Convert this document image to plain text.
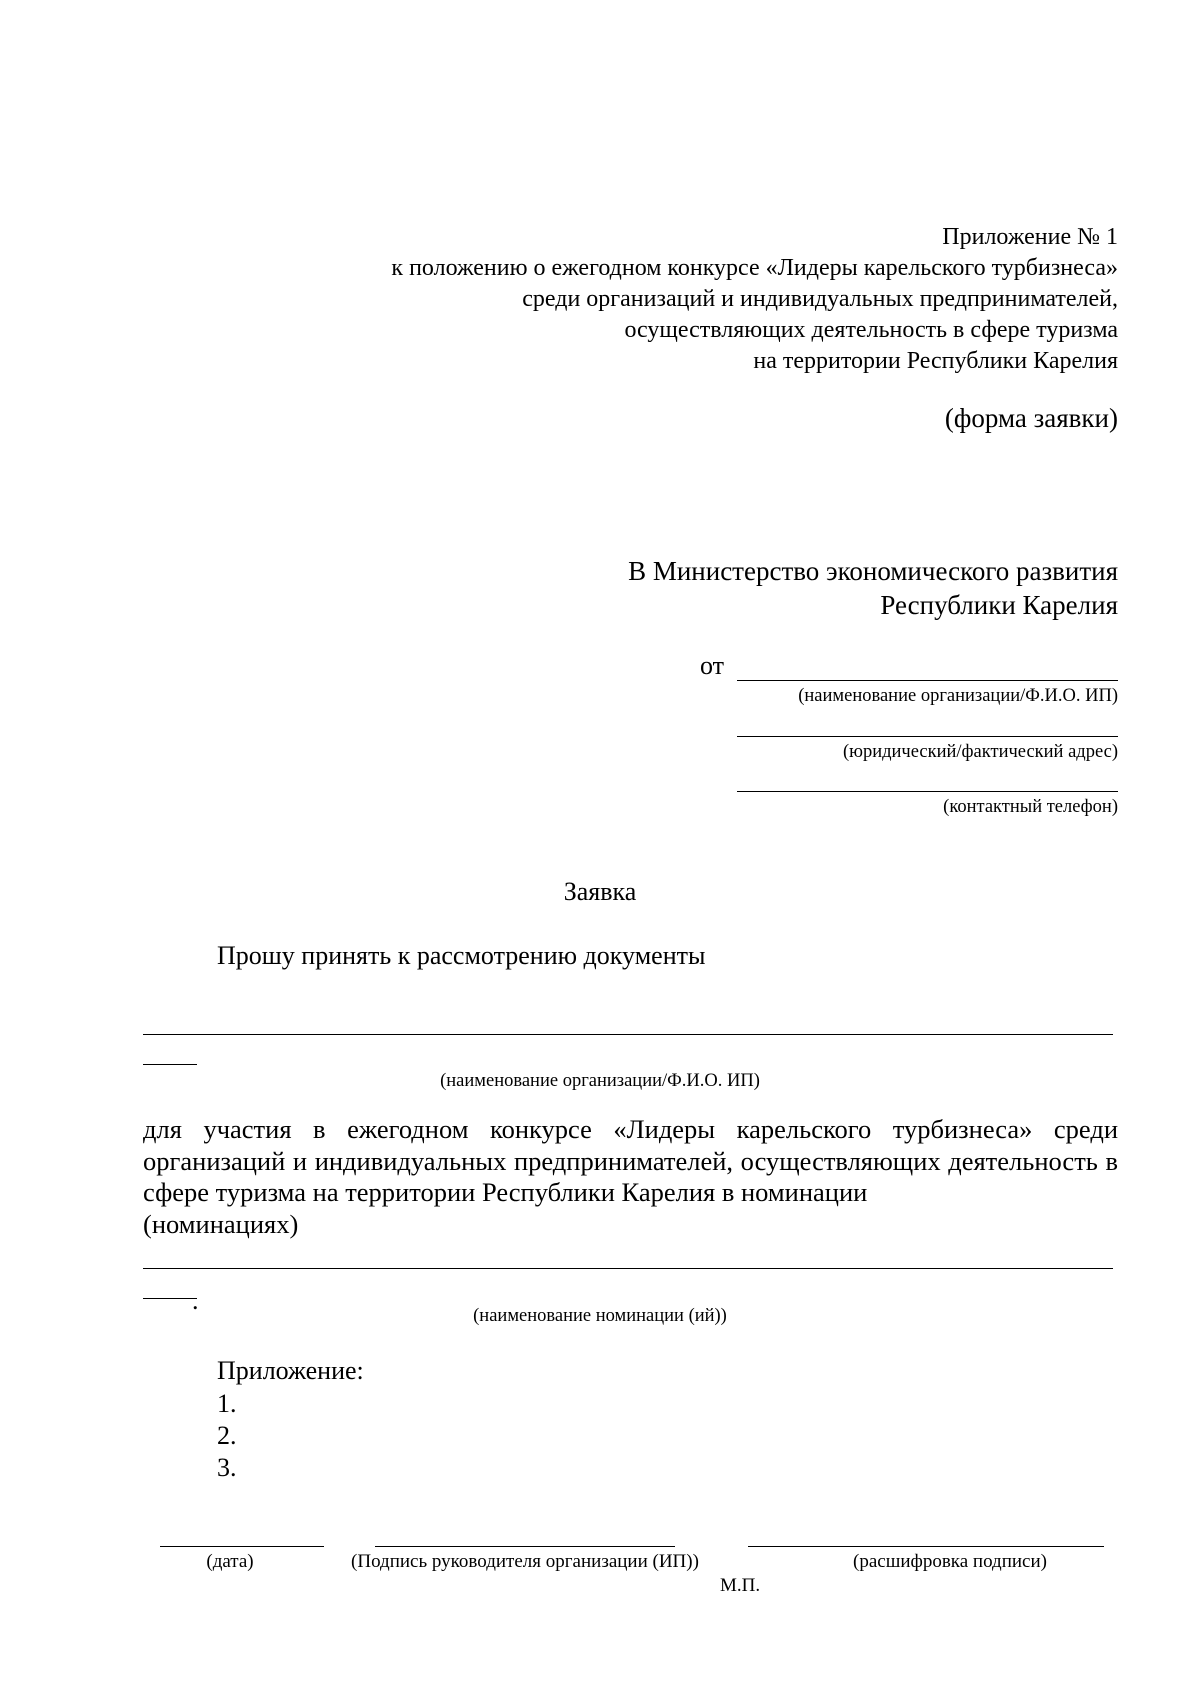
Приложение № 1
к положению о ежегодном конкурсе «Лидеры карельского турбизнеса»
среди организаций и индивидуальных предпринимателей,
осуществляющих деятельность в сфере туризма
на территории Республики Карелия
(форма заявки)
В Министерство экономического развития
Республики Карелия
от
(наименование организации/Ф.И.О. ИП)
(юридический/фактический адрес)
(контактный телефон)
Заявка
Прошу принять к рассмотрению документы
(наименование организации/Ф.И.О. ИП)
для участия в ежегодном конкурсе «Лидеры карельского турбизнеса» среди организаций и индивидуальных предпринимателей, осуществляющих деятельность в сфере туризма на территории Республики Карелия в номинации
(номинациях)
.
(наименование номинации (ий))
Приложение:
1.
2.
3.
(дата)	(Подпись руководителя организации (ИП))	(расшифровка подписи)
М.П.
